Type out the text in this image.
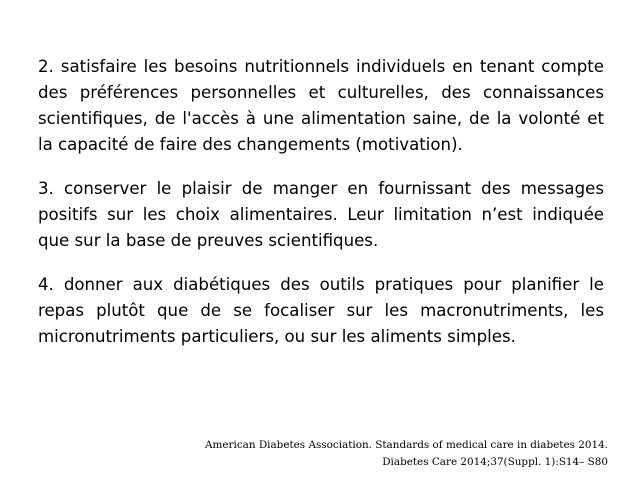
2. satisfaire les besoins nutritionnels individuels en tenant compte des préférences personnelles et culturelles, des connaissances scientifiques, de l'accès à une alimentation saine, de la volonté et la capacité de faire des changements (motivation).

3. conserver le plaisir de manger en fournissant des messages positifs sur les choix alimentaires. Leur limitation n’est indiquée que sur la base de preuves scientifiques.

4. donner aux diabétiques des outils pratiques pour planifier le repas plutôt que de se focaliser sur les macronutriments, les micronutriments particuliers, ou sur les aliments simples.

American Diabetes Association. Standards of medical care in diabetes 2014.
Diabetes Care 2014;37(Suppl. 1):S14– S80
